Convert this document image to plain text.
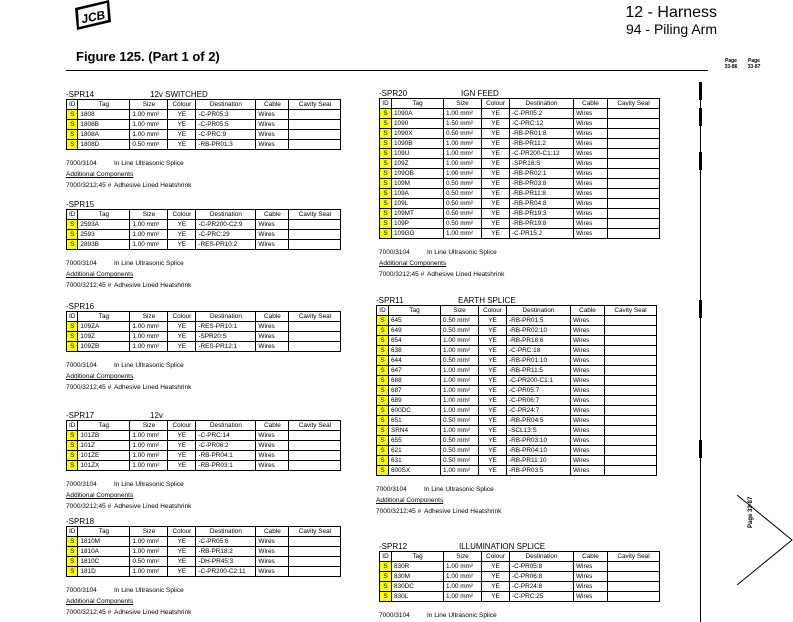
JCB	12 - Harness
94 - Piling Arm
Figure 125. (Part 1 of 2)	Page
33-86
Page
33-87
Page 33-87
-SPR14	12v SWITCHED
ID	Tag	Size	Colour	Destination	Cable	Cavity Seal
S	1808	1.00 mm²	YE	-C-PR05:3	Wires	
S	1808B	1.00 mm²	YE	-C-PR05:5	Wires	
S	1808A	1.00 mm²	YE	-C-PRC:9	Wires	
S	1808D	0.50 mm²	YE	-RB-PR01:3	Wires	
7000/3104	In Line Ultrasonic Splice
Additional Components
7000/3212;45 # Adhesive Lined Heatshrink
-SPR15
ID	Tag	Size	Colour	Destination	Cable	Cavity Seal
S	2593A	1.00 mm²	YE	-C-PR200-C2:9	Wires	
S	2593	1.00 mm²	YE	-C-PRC:29	Wires	
S	2893B	1.00 mm²	YE	-RES-PR10:2	Wires	
7000/3104	In Line Ultrasonic Splice
Additional Components
7000/3212;45 # Adhesive Lined Heatshrink
-SPR16
ID	Tag	Size	Colour	Destination	Cable	Cavity Seal
S	109ZA	1.00 mm²	YE	-RES-PR10:1	Wires	
S	109Z	1.00 mm²	YE	-SPR20:S	Wires	
S	109ZB	1.00 mm²	YE	-RES-PR12:1	Wires	
7000/3104	In Line Ultrasonic Splice
Additional Components
7000/3212;45 # Adhesive Lined Heatshrink
-SPR17	12v
ID	Tag	Size	Colour	Destination	Cable	Cavity Seal
S	101ZB	1.00 mm²	YE	-C-PRC:14	Wires	
S	101Z	1.00 mm²	YE	-C-PR06:2	Wires	
S	101ZE	1.00 mm²	YE	-RB-PR04:1	Wires	
S	101ZX	1.00 mm²	YE	-RB-PR03:1	Wires	
7000/3104	In Line Ultrasonic Splice
Additional Components
7000/3212;45 # Adhesive Lined Heatshrink
-SPR18
ID	Tag	Size	Colour	Destination	Cable	Cavity Seal
S	1810M	1.00 mm²	YE	-C-PR05:6	Wires	
S	1810A	1.00 mm²	YE	-RB-PR18:2	Wires	
S	1810C	0.50 mm²	YE	-DH-PR45:3	Wires	
S	181D	1.00 mm²	YE	-C-PR200-C2:11	Wires	
7000/3104	In Line Ultrasonic Splice
Additional Components
7000/3212;45 # Adhesive Lined Heatshrink
-SPR20	IGN FEED
ID	Tag	Size	Colour	Destination	Cable	Cavity Seal
S	1090A	1.00 mm²	YE	-C-PR05:2	Wires	
S	1090	1.50 mm²	YE	-C-PRC:12	Wires	
S	1090X	0.50 mm²	YE	-RB-PR01:8	Wires	
S	1090B	1.00 mm²	YE	-RB-PR11:2	Wires	
S	109U	1.00 mm²	YE	-C-PR200-C1:12	Wires	
S	109Z	1.00 mm²	YE	-SPR16:S	Wires	
S	109OB	1.00 mm²	YE	-RB-PR02:1	Wires	
S	109M	0.50 mm²	YE	-RB-PR03:8	Wires	
S	109A	0.50 mm²	YE	-RB-PR11:8	Wires	
S	109L	0.50 mm²	YE	-RB-PR04:8	Wires	
S	109MT	0.50 mm²	YE	-RB-PR19:3	Wires	
S	109P	0.50 mm²	YE	-RB-PR19:8	Wires	
S	109GG	1.00 mm²	YE	-C-PR15:J	Wires	
7000/3104	In Line Ultrasonic Splice
Additional Components
7000/3212;45 # Adhesive Lined Heatshrink
-SPR11	EARTH SPLICE
ID	Tag	Size	Colour	Destination	Cable	Cavity Seal
S	645	0.50 mm²	YE	-RB-PR01:5	Wires	
S	649	0.50 mm²	YE	-RB-PR02:10	Wires	
S	654	1.00 mm²	YE	-RB-PR18:6	Wires	
S	638	1.00 mm²	YE	-C-PRC:18	Wires	
S	644	0.50 mm²	YE	-RB-PR01:10	Wires	
S	647	1.00 mm²	YE	-RB-PR11:5	Wires	
S	688	1.00 mm²	YE	-C-PR200-C1:1	Wires	
S	687	1.00 mm²	YE	-C-PR05:7	Wires	
S	689	1.00 mm²	YE	-C-PR06:7	Wires	
S	600DC	1.00 mm²	YE	-C-PR24:7	Wires	
S	651	0.50 mm²	YE	-RB-PR04:5	Wires	
S	SRN4	1.00 mm²	YE	-SCL13:S	Wires	
S	655	0.50 mm²	YE	-RB-PR03:10	Wires	
S	621	0.50 mm²	YE	-RB-PR04:10	Wires	
S	631	0.50 mm²	YE	-RB-PR11:10	Wires	
S	600SX	1.00 mm²	YE	-RB-PR03:5	Wires	
7000/3104	In Line Ultrasonic Splice
Additional Components
7000/3212;45 # Adhesive Lined Heatshrink
-SPR12	ILLUMINATION SPLICE
ID	Tag	Size	Colour	Destination	Cable	Cavity Seal
S	830R	1.00 mm²	YE	-C-PR05:8	Wires	
S	830M	1.00 mm²	YE	-C-PR06:8	Wires	
S	830DC	1.00 mm²	YE	-C-PR24:8	Wires	
S	830L	1.00 mm²	YE	-C-PRC:25	Wires	
7000/3104	In Line Ultrasonic Splice
